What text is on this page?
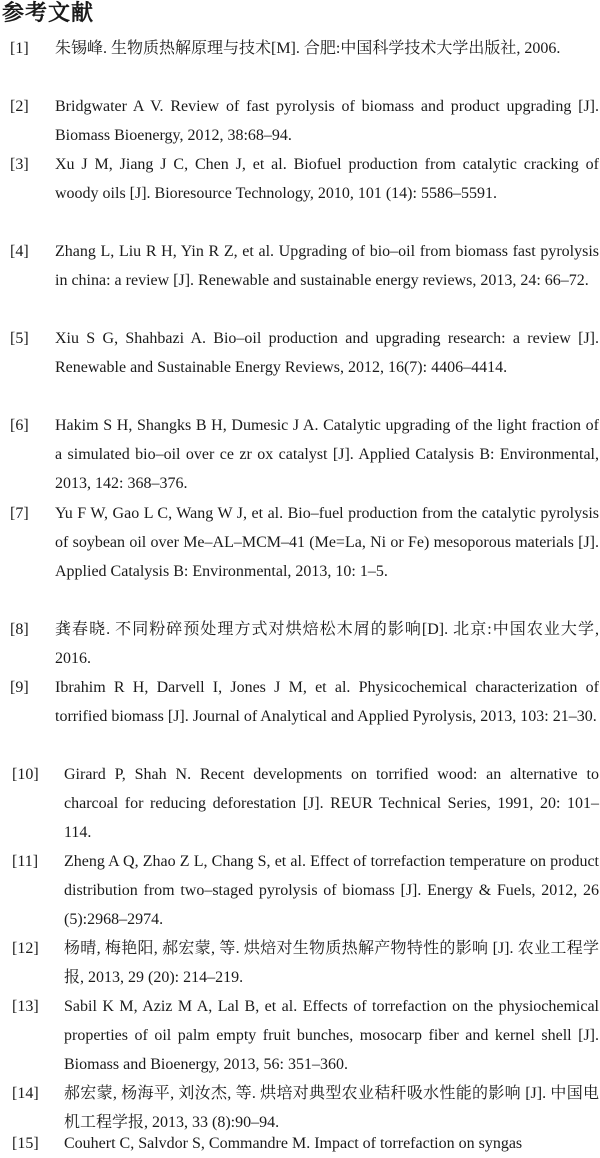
参考文献
[1] 朱锡峰. 生物质热解原理与技术[M]. 合肥:中国科学技术大学出版社, 2006.
[2] Bridgwater A V. Review of fast pyrolysis of biomass and product upgrading [J]. Biomass Bioenergy, 2012, 38:68–94.
[3] Xu J M, Jiang J C, Chen J, et al. Biofuel production from catalytic cracking of woody oils [J]. Bioresource Technology, 2010, 101 (14): 5586–5591.
[4] Zhang L, Liu R H, Yin R Z, et al. Upgrading of bio–oil from biomass fast pyrolysis in china: a review [J]. Renewable and sustainable energy reviews, 2013, 24: 66–72.
[5] Xiu S G, Shahbazi A. Bio–oil production and upgrading research: a review [J]. Renewable and Sustainable Energy Reviews, 2012, 16(7): 4406–4414.
[6] Hakim S H, Shangks B H, Dumesic J A. Catalytic upgrading of the light fraction of a simulated bio–oil over ce zr ox catalyst [J]. Applied Catalysis B: Environmental, 2013, 142: 368–376.
[7] Yu F W, Gao L C, Wang W J, et al. Bio–fuel production from the catalytic pyrolysis of soybean oil over Me–AL–MCM–41 (Me=La, Ni or Fe) mesoporous materials [J]. Applied Catalysis B: Environmental, 2013, 10: 1–5.
[8] 龚春晓. 不同粉碎预处理方式对烘焙松木屑的影响[D]. 北京:中国农业大学, 2016.
[9] Ibrahim R H, Darvell I, Jones J M, et al. Physicochemical characterization of torrified biomass [J]. Journal of Analytical and Applied Pyrolysis, 2013, 103: 21–30.
[10] Girard P, Shah N. Recent developments on torrified wood: an alternative to charcoal for reducing deforestation [J]. REUR Technical Series, 1991, 20: 101–114.
[11] Zheng A Q, Zhao Z L, Chang S, et al. Effect of torrefaction temperature on product distribution from two–staged pyrolysis of biomass [J]. Energy & Fuels, 2012, 26 (5):2968–2974.
[12] 杨晴, 梅艳阳, 郝宏蒙, 等. 烘焙对生物质热解产物特性的影响 [J]. 农业工程学报, 2013, 29 (20): 214–219.
[13] Sabil K M, Aziz M A, Lal B, et al. Effects of torrefaction on the physiochemical properties of oil palm empty fruit bunches, mosocarp fiber and kernel shell [J]. Biomass and Bioenergy, 2013, 56: 351–360.
[14] 郝宏蒙, 杨海平, 刘汝杰, 等. 烘培对典型农业秸秆吸水性能的影响 [J]. 中国电机工程学报, 2013, 33 (8):90–94.
[15] Couhert C, Salvdor S, Commandre M. Impact of torrefaction on syngas
